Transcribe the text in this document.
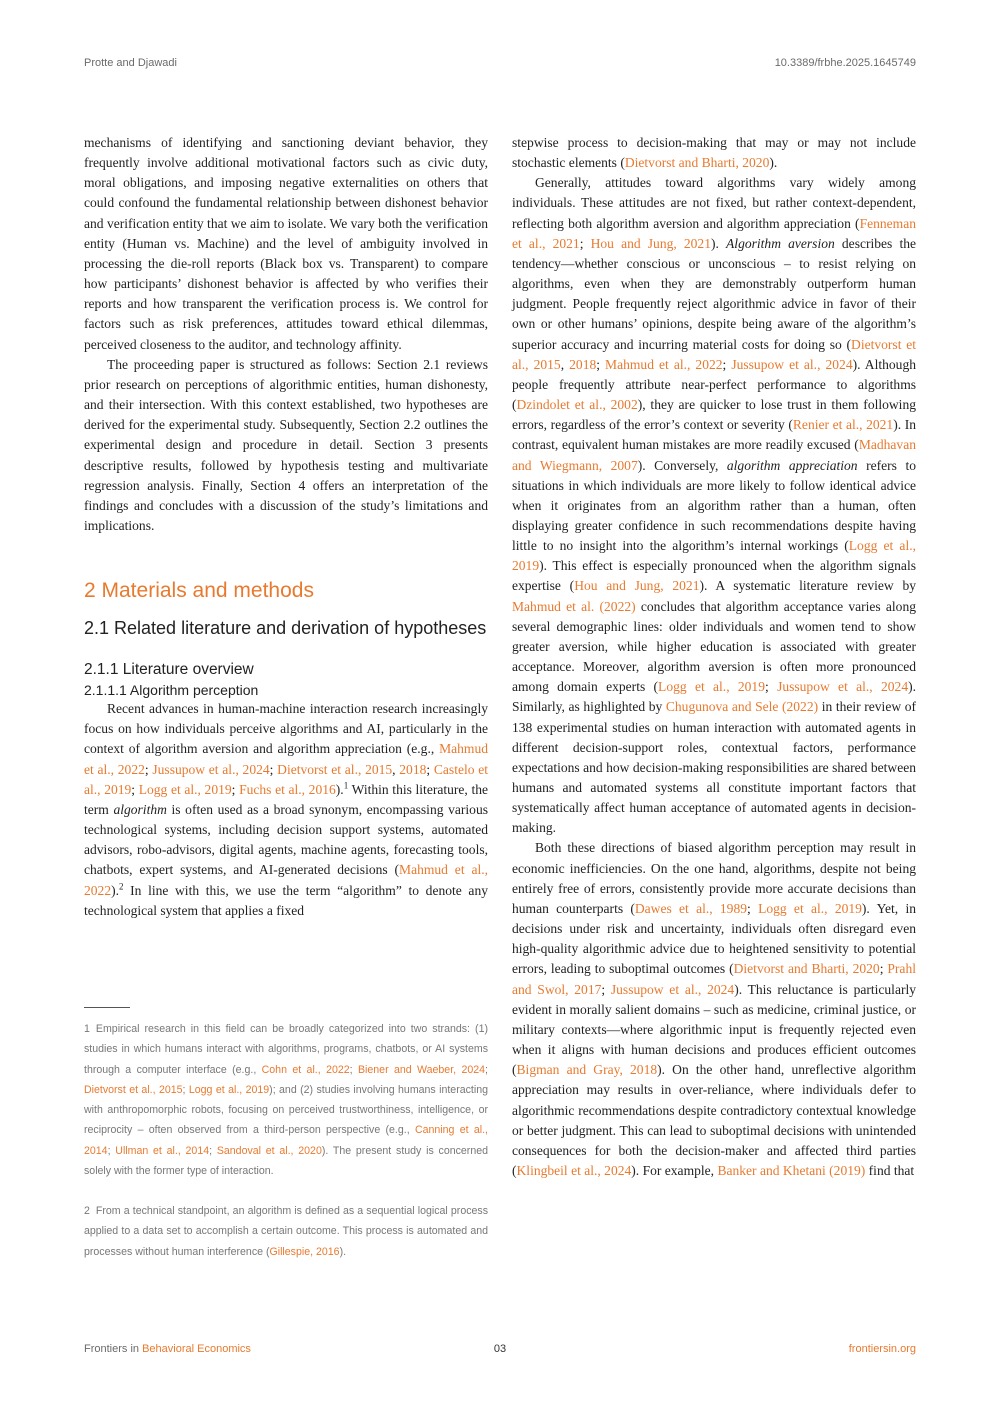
Protte and Djawadi	10.3389/frbhe.2025.1645749

mechanisms of identifying and sanctioning deviant behavior, they frequently involve additional motivational factors such as civic duty, moral obligations, and imposing negative externalities on others that could confound the fundamental relationship between dishonest behavior and verification entity that we aim to isolate. We vary both the verification entity (Human vs. Machine) and the level of ambiguity involved in processing the die-roll reports (Black box vs. Transparent) to compare how participants’ dishonest behavior is affected by who verifies their reports and how transparent the verification process is. We control for factors such as risk preferences, attitudes toward ethical dilemmas, perceived closeness to the auditor, and technology affinity.

The proceeding paper is structured as follows: Section 2.1 reviews prior research on perceptions of algorithmic entities, human dishonesty, and their intersection. With this context established, two hypotheses are derived for the experimental study. Subsequently, Section 2.2 outlines the experimental design and procedure in detail. Section 3 presents descriptive results, followed by hypothesis testing and multivariate regression analysis. Finally, Section 4 offers an interpretation of the findings and concludes with a discussion of the study’s limitations and implications.

2 Materials and methods
2.1 Related literature and derivation of hypotheses
2.1.1 Literature overview
2.1.1.1 Algorithm perception

Recent advances in human-machine interaction research increasingly focus on how individuals perceive algorithms and AI, particularly in the context of algorithm aversion and algorithm appreciation (e.g., Mahmud et al., 2022; Jussupow et al., 2024; Dietvorst et al., 2015, 2018; Castelo et al., 2019; Logg et al., 2019; Fuchs et al., 2016).$^1$ Within this literature, the term algorithm is often used as a broad synonym, encompassing various technological systems, including decision support systems, automated advisors, robo-advisors, digital agents, machine agents, forecasting tools, chatbots, expert systems, and AI-generated decisions (Mahmud et al., 2022).$^2$ In line with this, we use the term “algorithm” to denote any technological system that applies a fixed

1 Empirical research in this field can be broadly categorized into two strands: (1) studies in which humans interact with algorithms, programs, chatbots, or AI systems through a computer interface (e.g., Cohn et al., 2022; Biener and Waeber, 2024; Dietvorst et al., 2015; Logg et al., 2019); and (2) studies involving humans interacting with anthropomorphic robots, focusing on perceived trustworthiness, intelligence, or reciprocity – often observed from a third-person perspective (e.g., Canning et al., 2014; Ullman et al., 2014; Sandoval et al., 2020). The present study is concerned solely with the former type of interaction.
2 From a technical standpoint, an algorithm is defined as a sequential logical process applied to a data set to accomplish a certain outcome. This process is automated and processes without human interference (Gillespie, 2016).

stepwise process to decision-making that may or may not include stochastic elements (Dietvorst and Bharti, 2020).

Generally, attitudes toward algorithms vary widely among individuals. These attitudes are not fixed, but rather context-dependent, reflecting both algorithm aversion and algorithm appreciation (Fenneman et al., 2021; Hou and Jung, 2021). Algorithm aversion describes the tendency—whether conscious or unconscious – to resist relying on algorithms, even when they are demonstrably outperform human judgment. People frequently reject algorithmic advice in favor of their own or other humans’ opinions, despite being aware of the algorithm’s superior accuracy and incurring material costs for doing so (Dietvorst et al., 2015, 2018; Mahmud et al., 2022; Jussupow et al., 2024). Although people frequently attribute near-perfect performance to algorithms (Dzindolet et al., 2002), they are quicker to lose trust in them following errors, regardless of the error’s context or severity (Renier et al., 2021). In contrast, equivalent human mistakes are more readily excused (Madhavan and Wiegmann, 2007). Conversely, algorithm appreciation refers to situations in which individuals are more likely to follow identical advice when it originates from an algorithm rather than a human, often displaying greater confidence in such recommendations despite having little to no insight into the algorithm’s internal workings (Logg et al., 2019). This effect is especially pronounced when the algorithm signals expertise (Hou and Jung, 2021). A systematic literature review by Mahmud et al. (2022) concludes that algorithm acceptance varies along several demographic lines: older individuals and women tend to show greater aversion, while higher education is associated with greater acceptance. Moreover, algorithm aversion is often more pronounced among domain experts (Logg et al., 2019; Jussupow et al., 2024). Similarly, as highlighted by Chugunova and Sele (2022) in their review of 138 experimental studies on human interaction with automated agents in different decision-support roles, contextual factors, performance expectations and how decision-making responsibilities are shared between humans and automated systems all constitute important factors that systematically affect human acceptance of automated agents in decision-making.

Both these directions of biased algorithm perception may result in economic inefficiencies. On the one hand, algorithms, despite not being entirely free of errors, consistently provide more accurate decisions than human counterparts (Dawes et al., 1989; Logg et al., 2019). Yet, in decisions under risk and uncertainty, individuals often disregard even high-quality algorithmic advice due to heightened sensitivity to potential errors, leading to suboptimal outcomes (Dietvorst and Bharti, 2020; Prahl and Swol, 2017; Jussupow et al., 2024). This reluctance is particularly evident in morally salient domains – such as medicine, criminal justice, or military contexts—where algorithmic input is frequently rejected even when it aligns with human decisions and produces efficient outcomes (Bigman and Gray, 2018). On the other hand, unreflective algorithm appreciation may results in over-reliance, where individuals defer to algorithmic recommendations despite contradictory contextual knowledge or better judgment. This can lead to suboptimal decisions with unintended consequences for both the decision-maker and affected third parties (Klingbeil et al., 2024). For example, Banker and Khetani (2019) find that

Frontiers in Behavioral Economics	03	frontiersin.org
